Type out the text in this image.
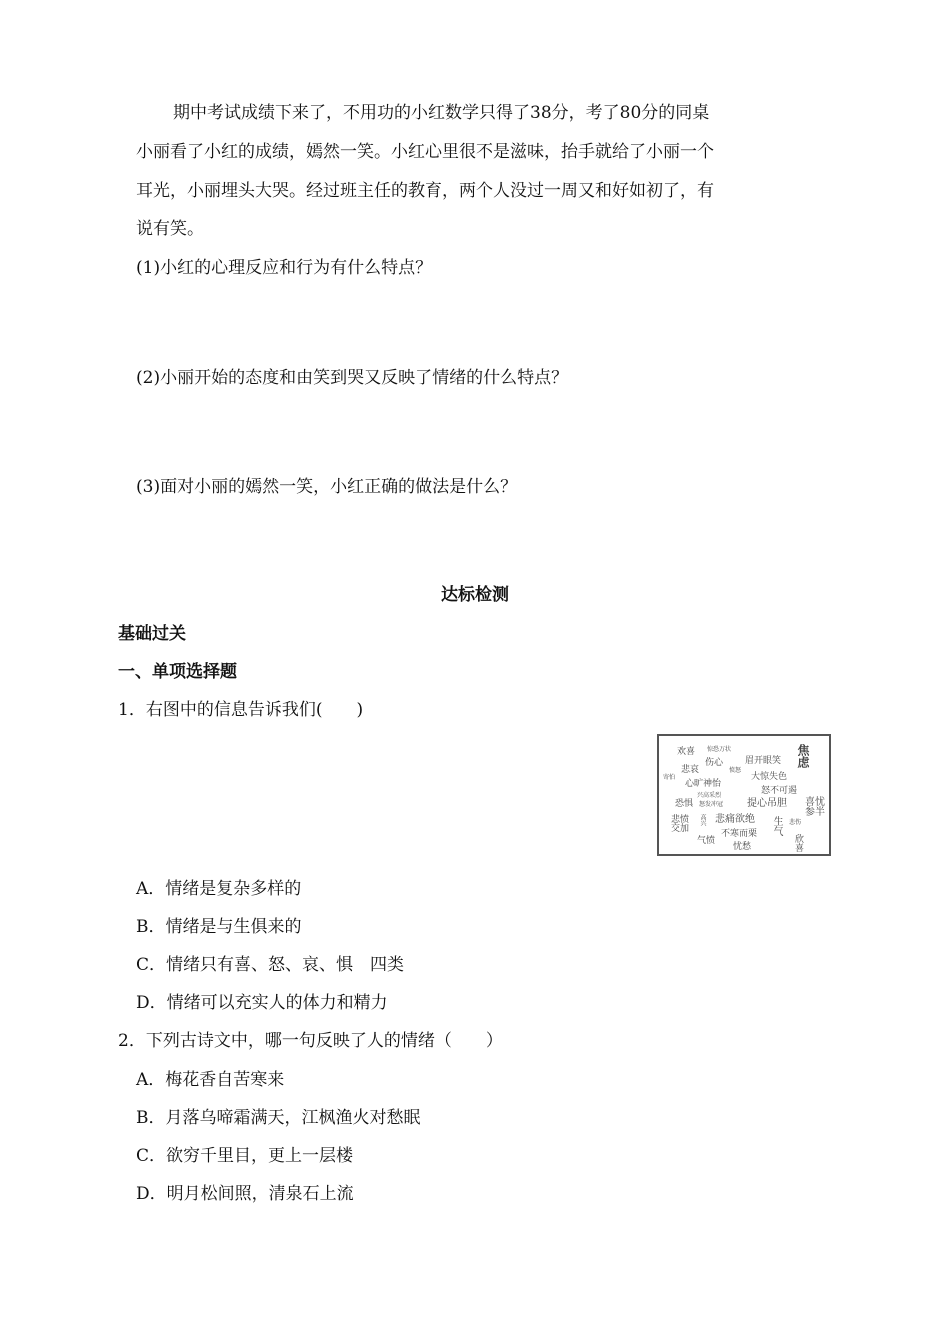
期中考试成绩下来了，不用功的小红数学只得了38分，考了80分的同桌
小丽看了小红的成绩，嫣然一笑。小红心里很不是滋味，抬手就给了小丽一个
耳光，小丽埋头大哭。经过班主任的教育，两个人没过一周又和好如初了，有
说有笑。
(1)小红的心理反应和行为有什么特点？
(2)小丽开始的态度和由笑到哭又反映了情绪的什么特点？
(3)面对小丽的嫣然一笑，小红正确的做法是什么？
达标检测
基础过关
一、单项选择题
1．右图中的信息告诉我们(　　)
欢喜 惊恐万状	焦虑
伤心 眉开眼笑
悲哀	愤怒
寄怕
心旷神怡
大惊失色
兴高采烈	怒不可遏
恐惧 怒发冲冠 提心吊胆 喜忧参半
悲痛欲绝
悲愤交加
高兴	生气 悲伤
气愤
不寒而栗
忧愁	欣喜
A．情绪是复杂多样的
B．情绪是与生俱来的
C．情绪只有喜、怒、哀、惧　四类
D．情绪可以充实人的体力和精力
2．下列古诗文中，哪一句反映了人的情绪（　　）
A．梅花香自苦寒来
B．月落乌啼霜满天，江枫渔火对愁眠
C．欲穷千里目，更上一层楼
D．明月松间照，清泉石上流
